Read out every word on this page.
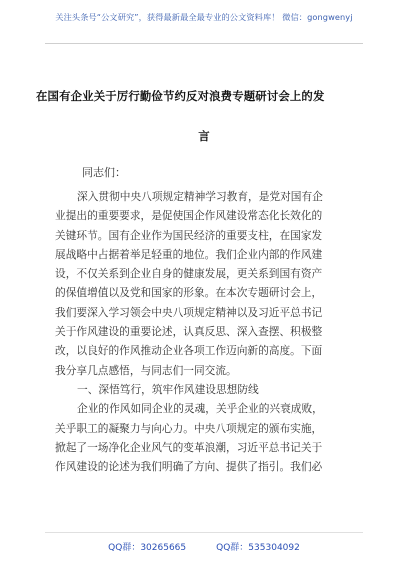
关注头条号“公文研究”，获得最新最全最专业的公文资料库！ 微信：gongwenyj
在国有企业关于厉行勤俭节约反对浪费专题研讨会上的发
言
同志们：
深入贯彻中央八项规定精神学习教育，是党对国有企
业提出的重要要求，是促使国企作风建设常态化长效化的
关键环节。国有企业作为国民经济的重要支柱，在国家发
展战略中占据着举足轻重的地位。我们企业内部的作风建
设，不仅关系到企业自身的健康发展，更关系到国有资产
的保值增值以及党和国家的形象。在本次专题研讨会上，
我们要深入学习领会中央八项规定精神以及习近平总书记
关于作风建设的重要论述，认真反思、深入查摆、积极整
改，以良好的作风推动企业各项工作迈向新的高度。下面
我分享几点感悟，与同志们一同交流。
一、深悟笃行，筑牢作风建设思想防线
企业的作风如同企业的灵魂，关乎企业的兴衰成败，
关乎职工的凝聚力与向心力。中央八项规定的颁布实施，
掀起了一场净化企业风气的变革浪潮，习近平总书记关于
作风建设的论述为我们明确了方向、提供了指引。我们必
QQ群：30265665	QQ群：535304092
